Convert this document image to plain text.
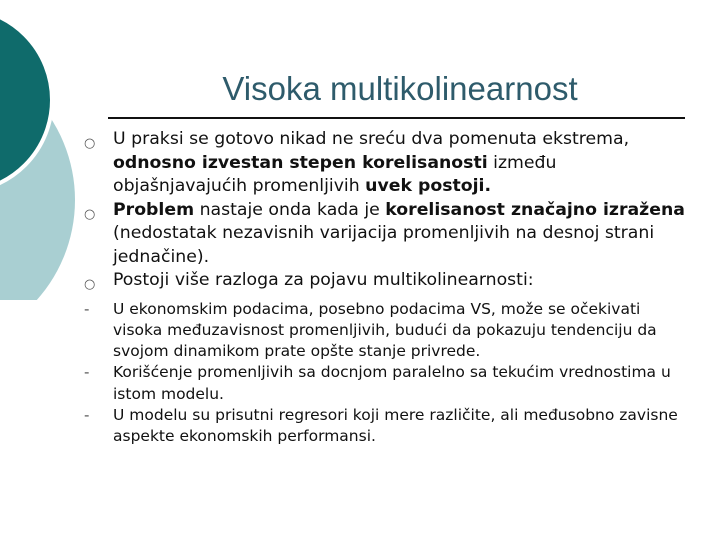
Visoka multikolinearnost
○ U praksi se gotovo nikad ne sreću dva pomenuta ekstrema, odnosno izvestan stepen korelisanosti između objašnjavajućih promenljivih uvek postoji.
○ Problem nastaje onda kada je korelisanost značajno izražena (nedostatak nezavisnih varijacija promenljivih na desnoj strani jednačine).
○ Postoji više razloga za pojavu multikolinearnosti:
- U ekonomskim podacima, posebno podacima VS, može se očekivati visoka međuzavisnost promenljivih, budući da pokazuju tendenciju da svojom dinamikom prate opšte stanje privrede.
- Korišćenje promenljivih sa docnjom paralelno sa tekućim vrednostima u istom modelu.
- U modelu su prisutni regresori koji mere različite, ali međusobno zavisne aspekte ekonomskih performansi.
